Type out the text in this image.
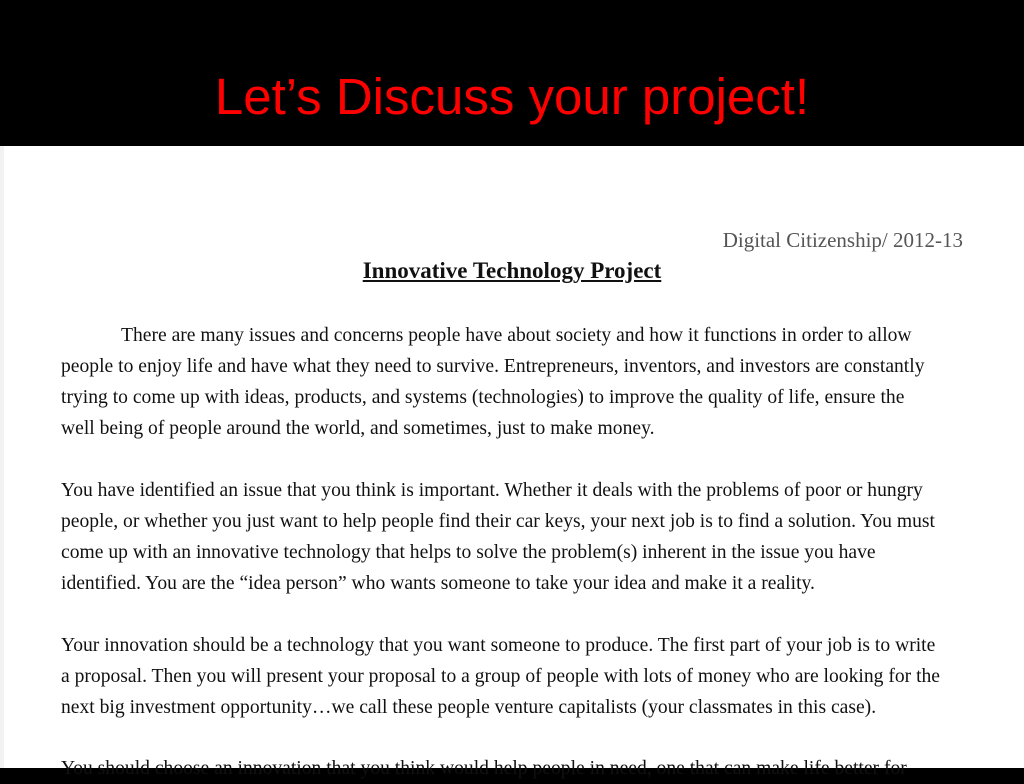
Let’s Discuss your project!
Digital Citizenship/ 2012-13
Innovative Technology Project
There are many issues and concerns people have about society and how it functions in order to allow
people to enjoy life and have what they need to survive. Entrepreneurs, inventors, and investors are constantly
trying to come up with ideas, products, and systems (technologies) to improve the quality of life, ensure the
well being of people around the world, and sometimes, just to make money.
You have identified an issue that you think is important. Whether it deals with the problems of poor or hungry
people, or whether you just want to help people find their car keys, your next job is to find a solution. You must
come up with an innovative technology that helps to solve the problem(s) inherent in the issue you have
identified. You are the “idea person” who wants someone to take your idea and make it a reality.
Your innovation should be a technology that you want someone to produce. The first part of your job is to write
a proposal. Then you will present your proposal to a group of people with lots of money who are looking for the
next big investment opportunity…we call these people venture capitalists (your classmates in this case).
You should choose an innovation that you think would help people in need, one that can make life better for
